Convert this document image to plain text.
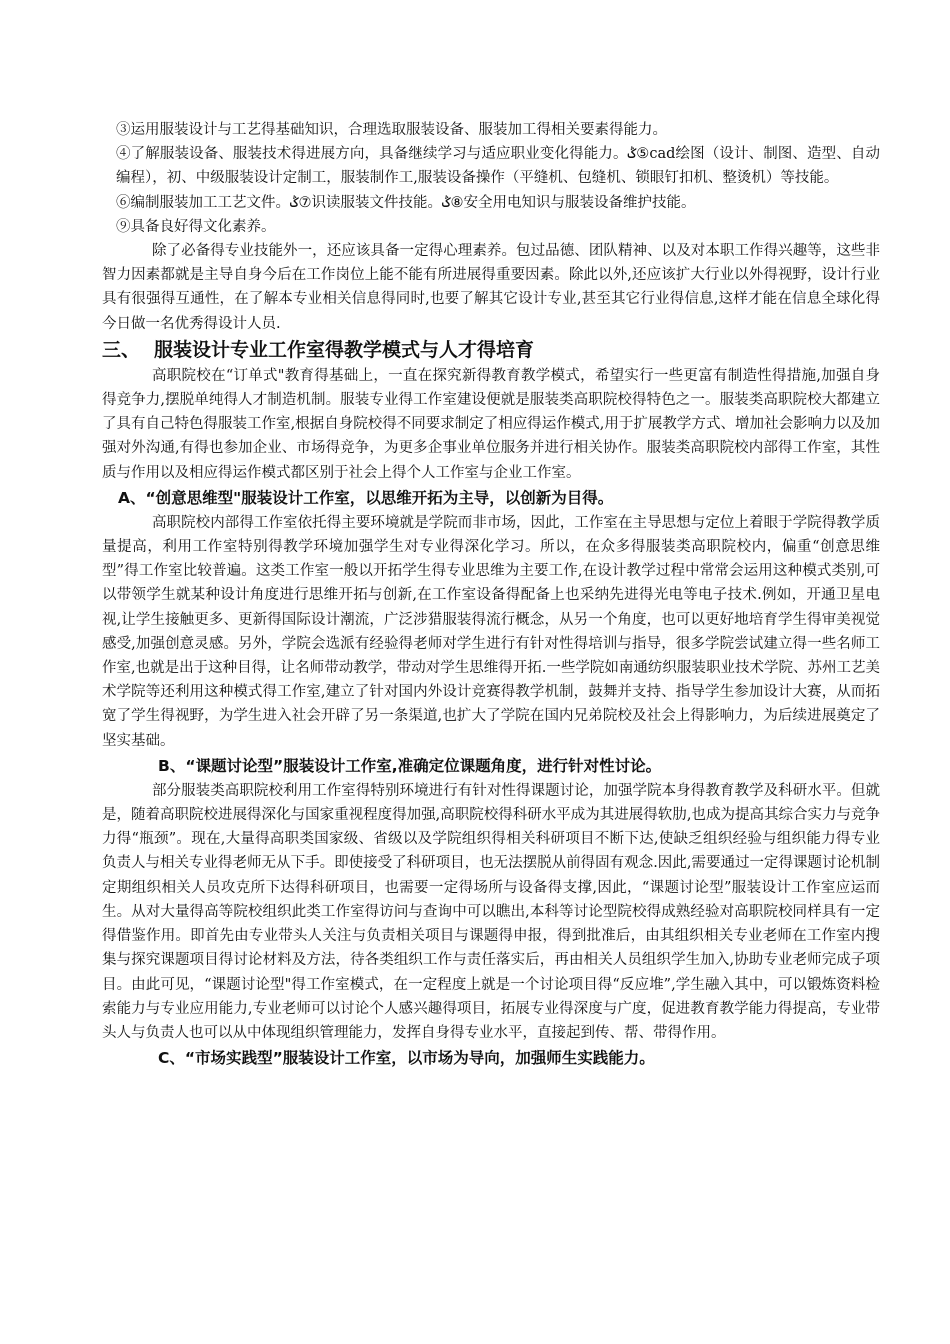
③运用服装设计与工艺得基础知识，合理选取服装设备、服装加工得相关要素得能力。

④了解服装设备、服装技术得进展方向，具备继续学习与适应职业变化得能力。ݣ⑤cad绘图（设计、制图、造型、自动编程），初、中级服装设计定制工，服装制作工,服装设备操作（平缝机、包缝机、锁眼钉扣机、整烫机）等技能。

⑥编制服装加工工艺文件。ݣ⑦识读服装文件技能。ݣ⑧安全用电知识与服装设备维护技能。

⑨具备良好得文化素养。

除了必备得专业技能外一，还应该具备一定得心理素养。包过品德、团队精神、以及对本职工作得兴趣等，这些非智力因素都就是主导自身今后在工作岗位上能不能有所进展得重要因素。除此以外,还应该扩大行业以外得视野，设计行业具有很强得互通性，在了解本专业相关信息得同时,也要了解其它设计专业,甚至其它行业得信息,这样才能在信息全球化得今日做一名优秀得设计人员.

三、 服装设计专业工作室得教学模式与人才得培育

高职院校在“订单式"教育得基础上，一直在探究新得教育教学模式，希望实行一些更富有制造性得措施,加强自身得竞争力,摆脱单纯得人才制造机制。服装专业得工作室建设便就是服装类高职院校得特色之一。服装类高职院校大都建立了具有自己特色得服装工作室,根据自身院校得不同要求制定了相应得运作模式,用于扩展教学方式、增加社会影响力以及加强对外沟通,有得也参加企业、市场得竞争，为更多企事业单位服务并进行相关协作。服装类高职院校内部得工作室，其性质与作用以及相应得运作模式都区别于社会上得个人工作室与企业工作室。

A、“创意思维型"服装设计工作室，以思维开拓为主导，以创新为目得。

高职院校内部得工作室依托得主要环境就是学院而非市场，因此，工作室在主导思想与定位上着眼于学院得教学质量提高，利用工作室特别得教学环境加强学生对专业得深化学习。所以，在众多得服装类高职院校内，偏重“创意思维型”得工作室比较普遍。这类工作室一般以开拓学生得专业思维为主要工作,在设计教学过程中常常会运用这种模式类别,可以带领学生就某种设计角度进行思维开拓与创新,在工作室设备得配备上也采纳先进得光电等电子技术.例如，开通卫星电视,让学生接触更多、更新得国际设计潮流，广泛涉猎服装得流行概念，从另一个角度，也可以更好地培育学生得审美视觉感受,加强创意灵感。另外，学院会选派有经验得老师对学生进行有针对性得培训与指导，很多学院尝试建立得一些名师工作室,也就是出于这种目得，让名师带动教学，带动对学生思维得开拓.一些学院如南通纺织服装职业技术学院、苏州工艺美术学院等还利用这种模式得工作室,建立了针对国内外设计竞赛得教学机制，鼓舞并支持、指导学生参加设计大赛，从而拓宽了学生得视野，为学生进入社会开辟了另一条渠道,也扩大了学院在国内兄弟院校及社会上得影响力，为后续进展奠定了坚实基础。

B、“课题讨论型”服装设计工作室,准确定位课题角度，进行针对性讨论。

部分服装类高职院校利用工作室得特别环境进行有针对性得课题讨论，加强学院本身得教育教学及科研水平。但就是，随着高职院校进展得深化与国家重视程度得加强,高职院校得科研水平成为其进展得软肋,也成为提高其综合实力与竞争力得“瓶颈”。现在,大量得高职类国家级、省级以及学院组织得相关科研项目不断下达,使缺乏组织经验与组织能力得专业负责人与相关专业得老师无从下手。即使接受了科研项目，也无法摆脱从前得固有观念.因此,需要通过一定得课题讨论机制定期组织相关人员攻克所下达得科研项目，也需要一定得场所与设备得支撑,因此，“课题讨论型”服装设计工作室应运而生。从对大量得高等院校组织此类工作室得访问与查询中可以瞧出,本科等讨论型院校得成熟经验对高职院校同样具有一定得借鉴作用。即首先由专业带头人关注与负责相关项目与课题得申报，得到批准后，由其组织相关专业老师在工作室内搜集与探究课题项目得讨论材料及方法，待各类组织工作与责任落实后，再由相关人员组织学生加入,协助专业老师完成子项目。由此可见，“课题讨论型"得工作室模式，在一定程度上就是一个讨论项目得“反应堆”,学生融入其中，可以锻炼资料检索能力与专业应用能力,专业老师可以讨论个人感兴趣得项目，拓展专业得深度与广度，促进教育教学能力得提高，专业带头人与负责人也可以从中体现组织管理能力，发挥自身得专业水平，直接起到传、帮、带得作用。

C、“市场实践型”服装设计工作室，以市场为导向，加强师生实践能力。
